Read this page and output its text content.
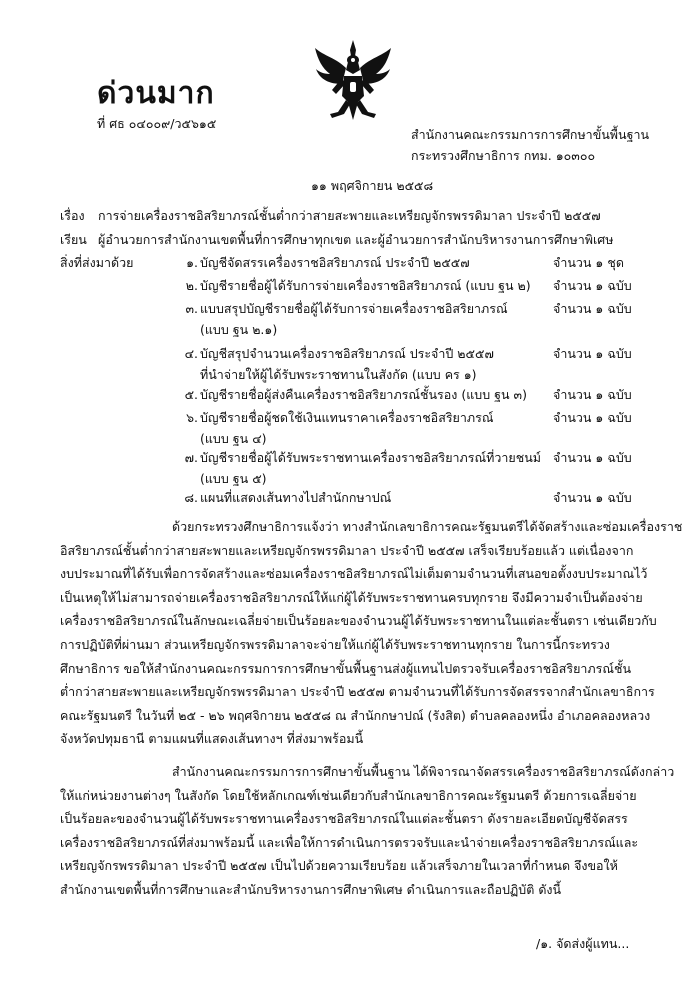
ด่วนมาก
ที่ ศธ ๐๔๐๐๙/ว๕๖๑๕
สำนักงานคณะกรรมการการศึกษาขั้นพื้นฐาน
กระทรวงศึกษาธิการ กทม. ๑๐๓๐๐
๑๑ พฤศจิกายน ๒๕๕๘
เรื่อง การจ่ายเครื่องราชอิสริยาภรณ์ชั้นต่ำกว่าสายสะพายและเหรียญจักรพรรดิมาลา ประจำปี ๒๕๕๗
เรียน ผู้อำนวยการสำนักงานเขตพื้นที่การศึกษาทุกเขต และผู้อำนวยการสำนักบริหารงานการศึกษาพิเศษ
สิ่งที่ส่งมาด้วย	๑. บัญชีจัดสรรเครื่องราชอิสริยาภรณ์ ประจำปี ๒๕๕๗	จำนวน ๑ ชุด
๒. บัญชีรายชื่อผู้ได้รับการจ่ายเครื่องราชอิสริยาภรณ์ (แบบ ฐน ๒) จำนวน ๑ ฉบับ
๓. แบบสรุปบัญชีรายชื่อผู้ได้รับการจ่ายเครื่องราชอิสริยาภรณ์	จำนวน ๑ ฉบับ
(แบบ ฐน ๒.๑)
๔. บัญชีสรุปจำนวนเครื่องราชอิสริยาภรณ์ ประจำปี ๒๕๕๗	จำนวน ๑ ฉบับ
ที่นำจ่ายให้ผู้ได้รับพระราชทานในสังกัด (แบบ คร ๑)
๕. บัญชีรายชื่อผู้ส่งคืนเครื่องราชอิสริยาภรณ์ชั้นรอง (แบบ ฐน ๓) จำนวน ๑ ฉบับ
๖. บัญชีรายชื่อผู้ชดใช้เงินแทนราคาเครื่องราชอิสริยาภรณ์	จำนวน ๑ ฉบับ
(แบบ ฐน ๔)
๗. บัญชีรายชื่อผู้ได้รับพระราชทานเครื่องราชอิสริยาภรณ์ที่วายชนม์ จำนวน ๑ ฉบับ
(แบบ ฐน ๕)
๘. แผนที่แสดงเส้นทางไปสำนักกษาปณ์	จำนวน ๑ ฉบับ
ด้วยกระทรวงศึกษาธิการแจ้งว่า ทางสำนักเลขาธิการคณะรัฐมนตรีได้จัดสร้างและซ่อมเครื่องราช
อิสริยาภรณ์ชั้นต่ำกว่าสายสะพายและเหรียญจักรพรรดิมาลา ประจำปี ๒๕๕๗ เสร็จเรียบร้อยแล้ว แต่เนื่องจาก
งบประมาณที่ได้รับเพื่อการจัดสร้างและซ่อมเครื่องราชอิสริยาภรณ์ไม่เต็มตามจำนวนที่เสนอขอตั้งงบประมาณไว้
เป็นเหตุให้ไม่สามารถจ่ายเครื่องราชอิสริยาภรณ์ให้แก่ผู้ได้รับพระราชทานครบทุกราย จึงมีความจำเป็นต้องจ่าย
เครื่องราชอิสริยาภรณ์ในลักษณะเฉลี่ยจ่ายเป็นร้อยละของจำนวนผู้ได้รับพระราชทานในแต่ละชั้นตรา เช่นเดียวกับ
การปฏิบัติที่ผ่านมา ส่วนเหรียญจักรพรรดิมาลาจะจ่ายให้แก่ผู้ได้รับพระราชทานทุกราย ในการนี้กระทรวง
ศึกษาธิการ ขอให้สำนักงานคณะกรรมการการศึกษาขั้นพื้นฐานส่งผู้แทนไปตรวจรับเครื่องราชอิสริยาภรณ์ชั้น
ต่ำกว่าสายสะพายและเหรียญจักรพรรดิมาลา ประจำปี ๒๕๕๗ ตามจำนวนที่ได้รับการจัดสรรจากสำนักเลขาธิการ
คณะรัฐมนตรี ในวันที่ ๒๕ - ๒๖ พฤศจิกายน ๒๕๕๘ ณ สำนักกษาปณ์ (รังสิต) ตำบลคลองหนึ่ง อำเภอคลองหลวง
จังหวัดปทุมธานี ตามแผนที่แสดงเส้นทางฯ ที่ส่งมาพร้อมนี้
สำนักงานคณะกรรมการการศึกษาขั้นพื้นฐาน ได้พิจารณาจัดสรรเครื่องราชอิสริยาภรณ์ดังกล่าว
ให้แก่หน่วยงานต่างๆ ในสังกัด โดยใช้หลักเกณฑ์เช่นเดียวกับสำนักเลขาธิการคณะรัฐมนตรี ด้วยการเฉลี่ยจ่าย
เป็นร้อยละของจำนวนผู้ได้รับพระราชทานเครื่องราชอิสริยาภรณ์ในแต่ละชั้นตรา ดังรายละเอียดบัญชีจัดสรร
เครื่องราชอิสริยาภรณ์ที่ส่งมาพร้อมนี้ และเพื่อให้การดำเนินการตรวจรับและนำจ่ายเครื่องราชอิสริยาภรณ์และ
เหรียญจักรพรรดิมาลา ประจำปี ๒๕๕๗ เป็นไปด้วยความเรียบร้อย แล้วเสร็จภายในเวลาที่กำหนด จึงขอให้
สำนักงานเขตพื้นที่การศึกษาและสำนักบริหารงานการศึกษาพิเศษ ดำเนินการและถือปฏิบัติ ดังนี้
/๑. จัดส่งผู้แทน...
